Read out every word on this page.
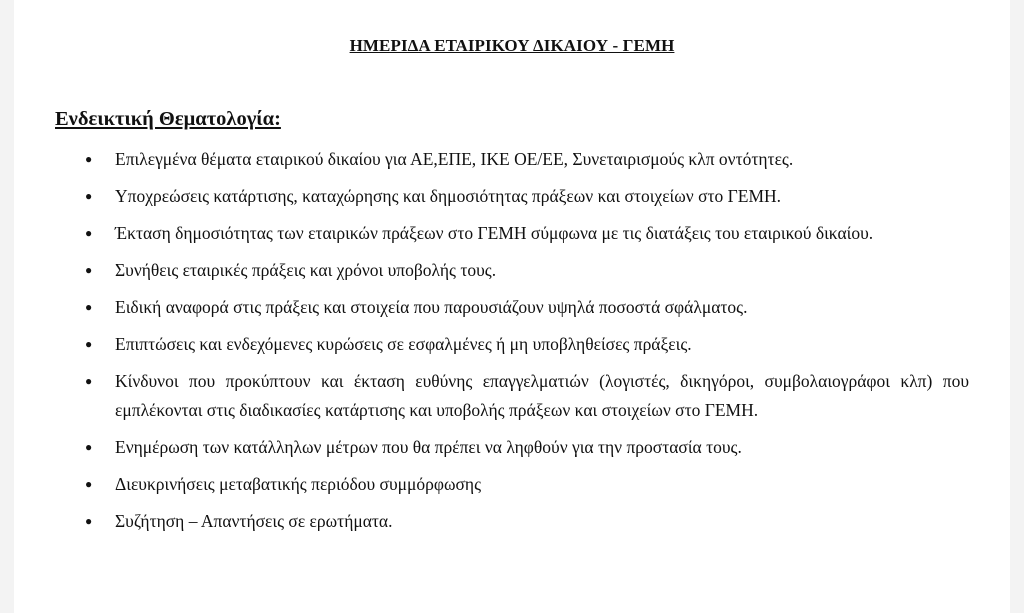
ΗΜΕΡΙΔΑ ΕΤΑΙΡΙΚΟΥ ΔΙΚΑΙΟΥ - ΓΕΜΗ
Ενδεικτική Θεματολογία:
● Επιλεγμένα θέματα εταιρικού δικαίου για ΑΕ,ΕΠΕ, ΙΚΕ ΟΕ/ΕΕ, Συνεταιρισμούς κλπ οντότητες.
● Υποχρεώσεις κατάρτισης, καταχώρησης και δημοσιότητας πράξεων και στοιχείων στο ΓΕΜΗ.
● Έκταση δημοσιότητας των εταιρικών πράξεων στο ΓΕΜΗ σύμφωνα με τις διατάξεις του εταιρικού δικαίου.
● Συνήθεις εταιρικές πράξεις και χρόνοι υποβολής τους.
● Ειδική αναφορά στις πράξεις και στοιχεία που παρουσιάζουν υψηλά ποσοστά σφάλματος.
● Επιπτώσεις και ενδεχόμενες κυρώσεις σε εσφαλμένες ή μη υποβληθείσες πράξεις.
● Κίνδυνοι που προκύπτουν και έκταση ευθύνης επαγγελματιών (λογιστές, δικηγόροι, συμβολαιογράφοι κλπ) που εμπλέκονται στις διαδικασίες κατάρτισης και υποβολής πράξεων και στοιχείων στο ΓΕΜΗ.
● Ενημέρωση των κατάλληλων μέτρων που θα πρέπει να ληφθούν για την προστασία τους.
● Διευκρινήσεις μεταβατικής περιόδου συμμόρφωσης
● Συζήτηση – Απαντήσεις σε ερωτήματα.
